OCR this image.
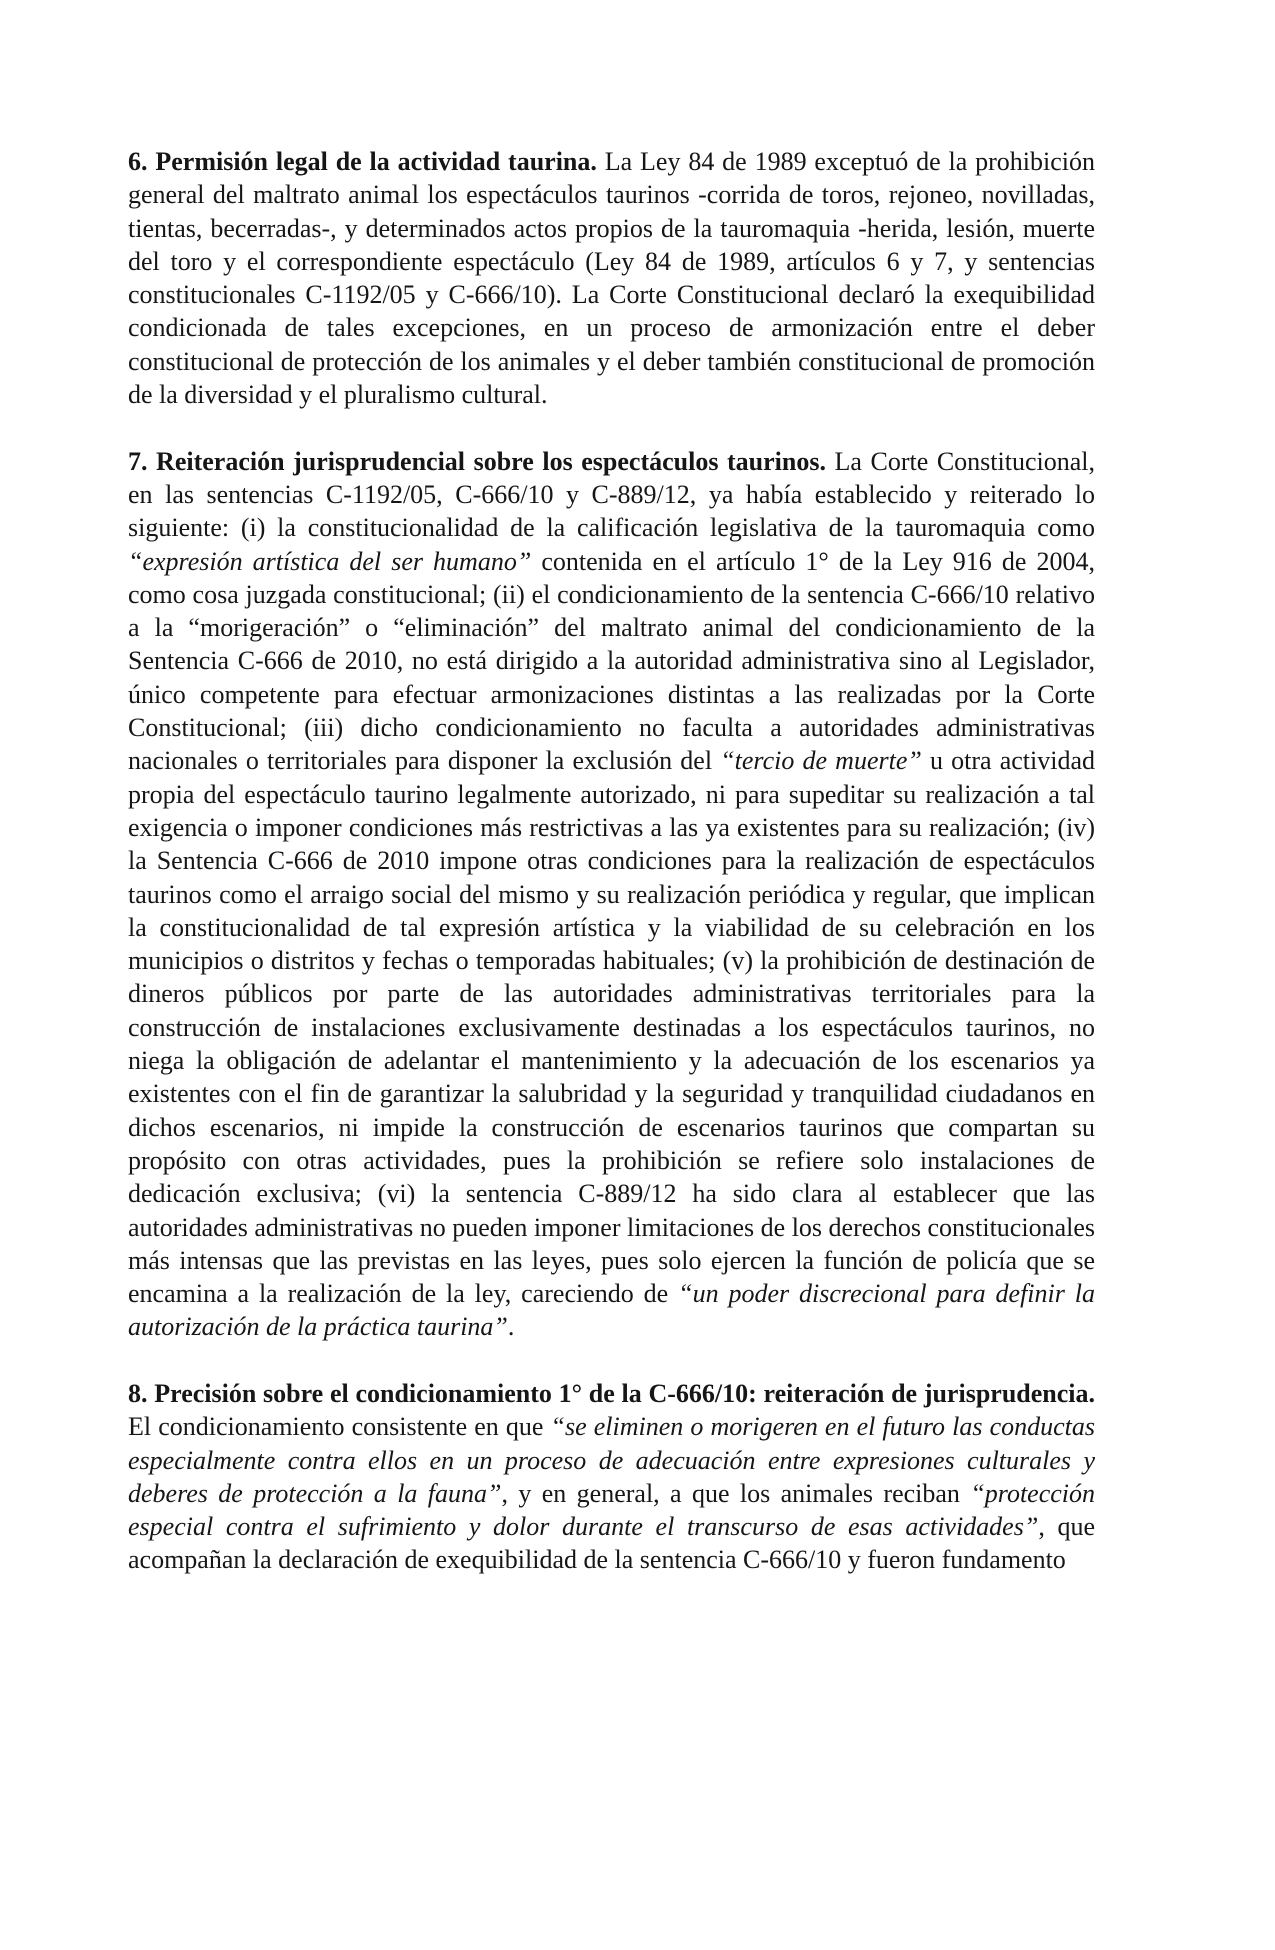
6. Permisión legal de la actividad taurina. La Ley 84 de 1989 exceptuó de la prohibición general del maltrato animal los espectáculos taurinos -corrida de toros, rejoneo, novilladas, tientas, becerradas-, y determinados actos propios de la tauromaquia -herida, lesión, muerte del toro y el correspondiente espectáculo (Ley 84 de 1989, artículos 6 y 7, y sentencias constitucionales C-1192/05 y C-666/10). La Corte Constitucional declaró la exequibilidad condicionada de tales excepciones, en un proceso de armonización entre el deber constitucional de protección de los animales y el deber también constitucional de promoción de la diversidad y el pluralismo cultural.

7. Reiteración jurisprudencial sobre los espectáculos taurinos. La Corte Constitucional, en las sentencias C-1192/05, C-666/10 y C-889/12, ya había establecido y reiterado lo siguiente: (i) la constitucionalidad de la calificación legislativa de la tauromaquia como “expresión artística del ser humano” contenida en el artículo 1° de la Ley 916 de 2004, como cosa juzgada constitucional; (ii) el condicionamiento de la sentencia C-666/10 relativo a la “morigeración” o “eliminación” del maltrato animal del condicionamiento de la Sentencia C-666 de 2010, no está dirigido a la autoridad administrativa sino al Legislador, único competente para efectuar armonizaciones distintas a las realizadas por la Corte Constitucional; (iii) dicho condicionamiento no faculta a autoridades administrativas nacionales o territoriales para disponer la exclusión del “tercio de muerte” u otra actividad propia del espectáculo taurino legalmente autorizado, ni para supeditar su realización a tal exigencia o imponer condiciones más restrictivas a las ya existentes para su realización; (iv) la Sentencia C-666 de 2010 impone otras condiciones para la realización de espectáculos taurinos como el arraigo social del mismo y su realización periódica y regular, que implican la constitucionalidad de tal expresión artística y la viabilidad de su celebración en los municipios o distritos y fechas o temporadas habituales; (v) la prohibición de destinación de dineros públicos por parte de las autoridades administrativas territoriales para la construcción de instalaciones exclusivamente destinadas a los espectáculos taurinos, no niega la obligación de adelantar el mantenimiento y la adecuación de los escenarios ya existentes con el fin de garantizar la salubridad y la seguridad y tranquilidad ciudadanos en dichos escenarios, ni impide la construcción de escenarios taurinos que compartan su propósito con otras actividades, pues la prohibición se refiere solo instalaciones de dedicación exclusiva; (vi) la sentencia C-889/12 ha sido clara al establecer que las autoridades administrativas no pueden imponer limitaciones de los derechos constitucionales más intensas que las previstas en las leyes, pues solo ejercen la función de policía que se encamina a la realización de la ley, careciendo de “un poder discrecional para definir la autorización de la práctica taurina”.

8. Precisión sobre el condicionamiento 1° de la C-666/10: reiteración de jurisprudencia. El condicionamiento consistente en que “se eliminen o morigeren en el futuro las conductas especialmente contra ellos en un proceso de adecuación entre expresiones culturales y deberes de protección a la fauna”, y en general, a que los animales reciban “protección especial contra el sufrimiento y dolor durante el transcurso de esas actividades”, que acompañan la declaración de exequibilidad de la sentencia C-666/10 y fueron fundamento
